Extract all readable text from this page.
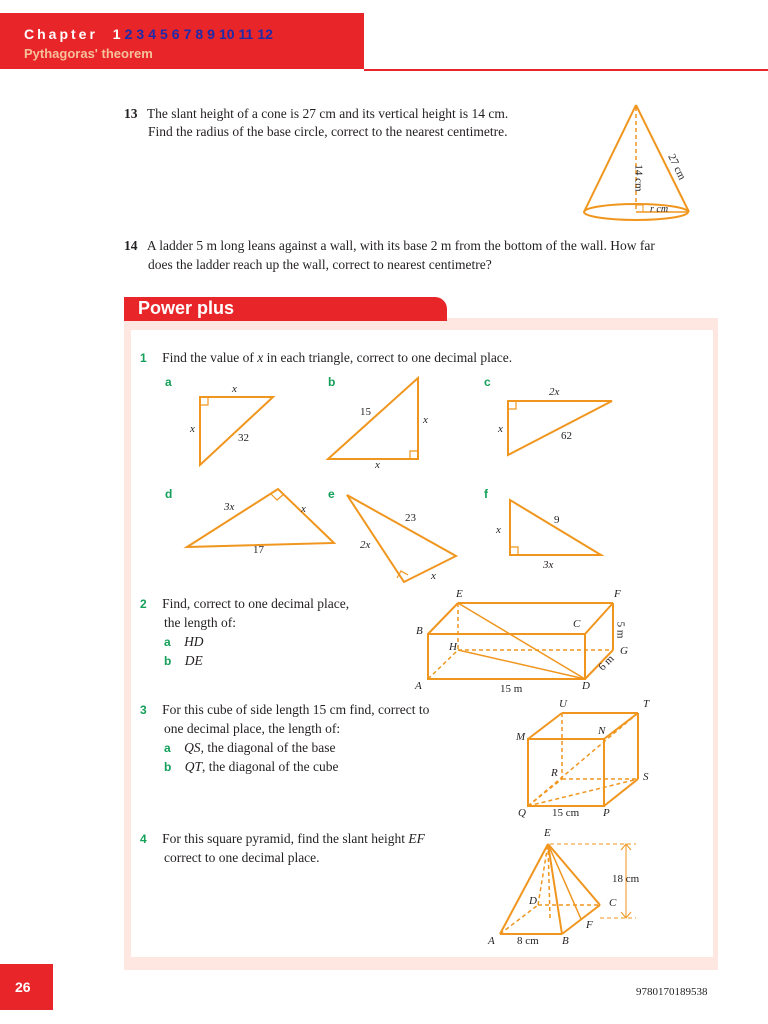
Chapter 1 2 3 4 5 6 7 8 9 10 11 12
Pythagoras' theorem
13 The slant height of a cone is 27 cm and its vertical height is 14 cm.
Find the radius of the base circle, correct to the nearest centimetre.
14 A ladder 5 m long leans against a wall, with its base 2 m from the bottom of the wall. How far
does the ladder reach up the wall, correct to nearest centimetre?
Power plus
27 cm
14 cm
r cm
1 Find the value of x in each triangle, correct to one decimal place.
a	b	c
d	e	f
x
x
32
15
x
x
2x
x
62
3x	x
17
23
2x
x
x
9
3x
2 Find, correct to one decimal place,
the length of:
a HD
b DE
E	F
B
C
H	G
A	D
15 m
5 m
6 m
3 For this cube of side length 15 cm find, correct to
one decimal place, the length of:
a QS, the diagonal of the base
b QT, the diagonal of the cube
U	T
M	N
R	S
Q	P
15 cm
4 For this square pyramid, find the slant height EF
correct to one decimal place.
E
D	C
F
A	B
18 cm
8 cm
26	9780170189538
